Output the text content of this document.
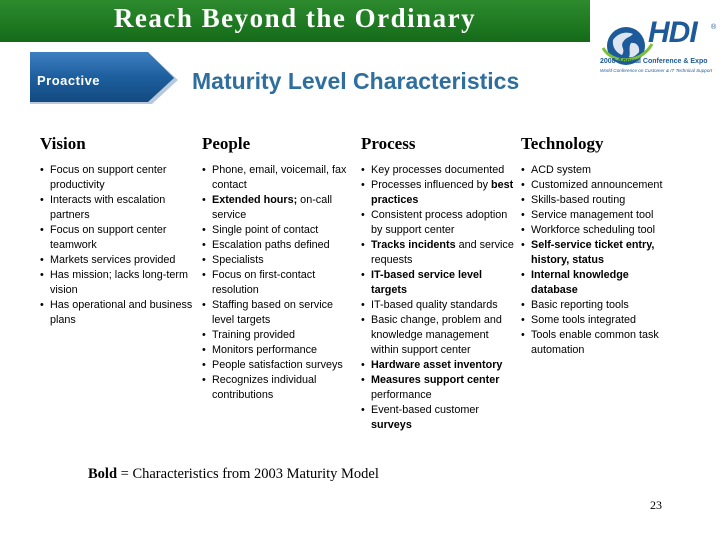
Reach Beyond the Ordinary
Proactive	Maturity Level Characteristics
HDI ®
2008 Annual Conference & Expo
World Conference on Customer & IT Technical Support
Vision
• Focus on support center productivity
• Interacts with escalation partners
• Focus on support center teamwork
• Markets services provided
• Has mission; lacks long-term vision
• Has operational and business plans
People
• Phone, email, voicemail, fax contact
• Extended hours; on-call service
• Single point of contact
• Escalation paths defined
• Specialists
• Focus on first-contact resolution
• Staffing based on service level targets
• Training provided
• Monitors performance
• People satisfaction surveys
• Recognizes individual contributions
Process
• Key processes documented
• Processes influenced by best practices
• Consistent process adoption by support center
• Tracks incidents and service requests
• IT-based service level targets
• IT-based quality standards
• Basic change, problem and knowledge management within support center
• Hardware asset inventory
• Measures support center performance
• Event-based customer surveys
Technology
• ACD system
• Customized announcement
• Skills-based routing
• Service management tool
• Workforce scheduling tool
• Self-service ticket entry, history, status
• Internal knowledge database
• Basic reporting tools
• Some tools integrated
• Tools enable common task automation
Bold = Characteristics from 2003 Maturity Model
23
